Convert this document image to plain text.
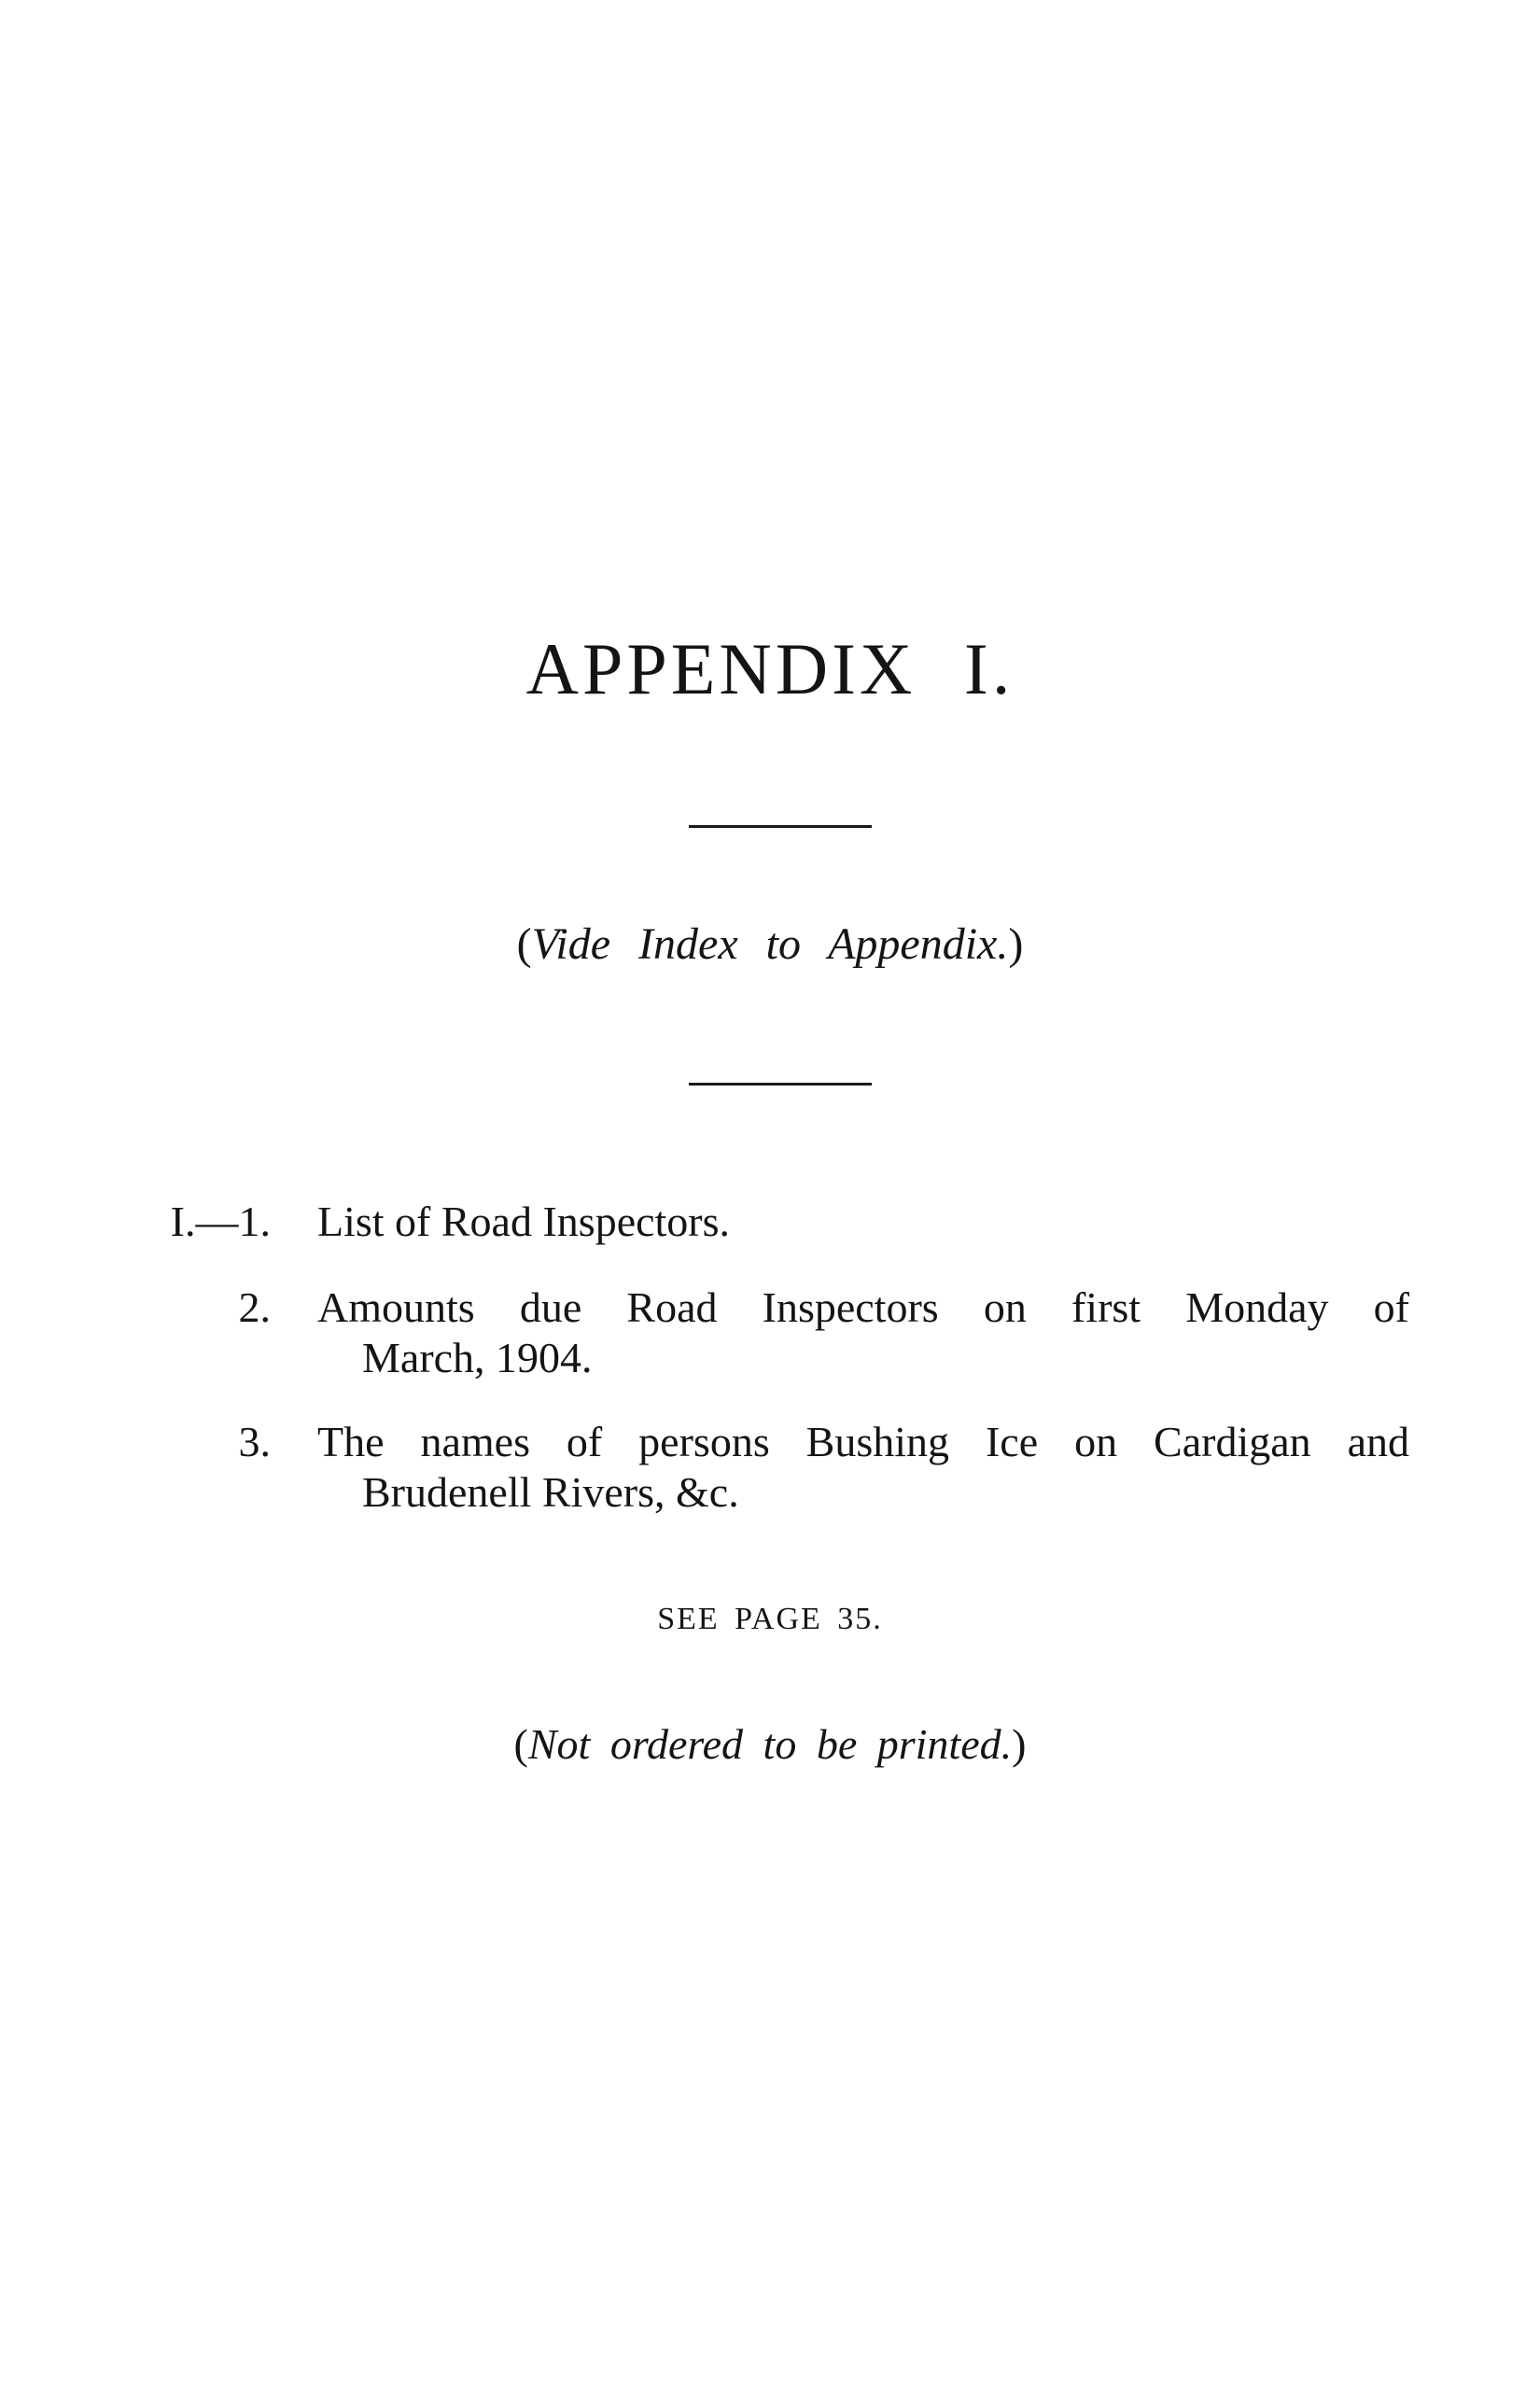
APPENDIX I.
(Vide Index to Appendix.)
I.—1. List of Road Inspectors.
2. Amounts due Road Inspectors on first Monday of
March, 1904.
3. The names of persons Bushing Ice on Cardigan and
Brudenell Rivers, &c.
SEE PAGE 35.
(Not ordered to be printed.)
